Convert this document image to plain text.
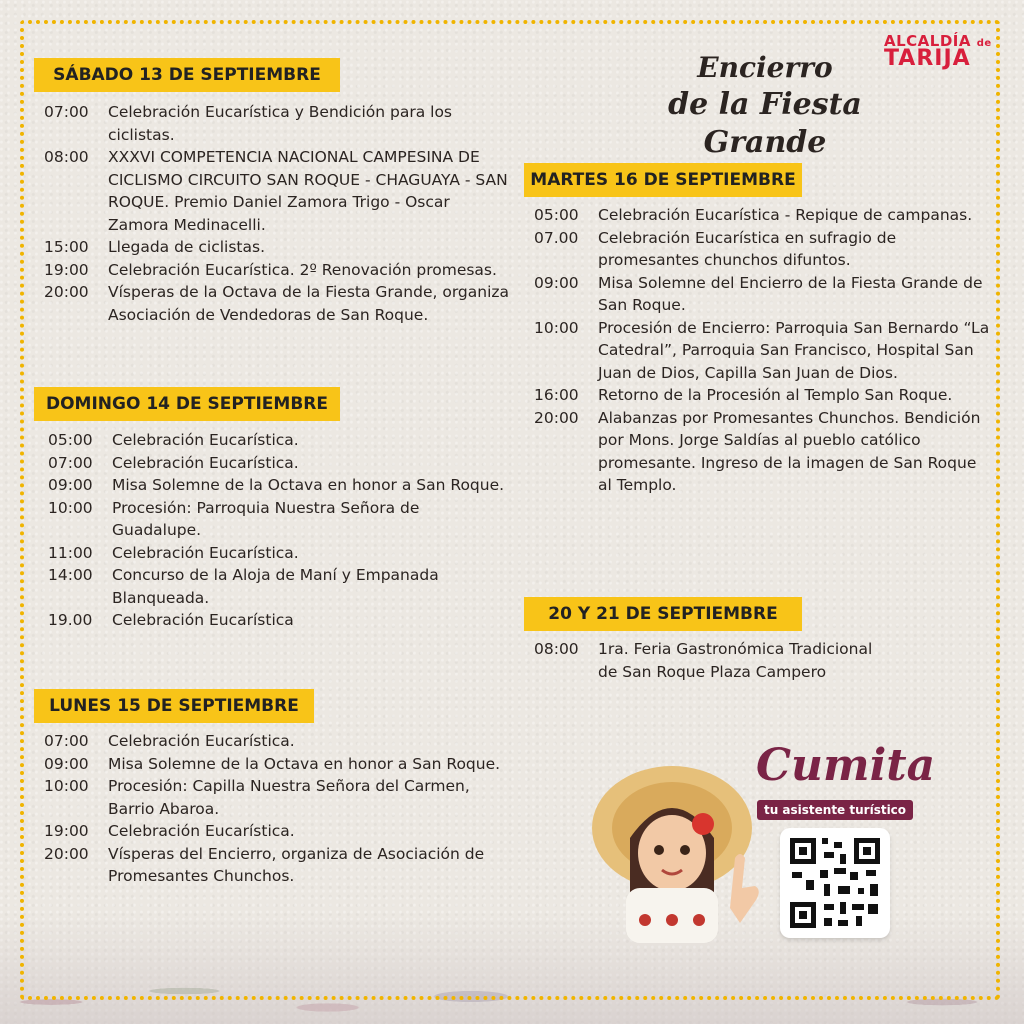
ALCALDÍA de
TARIJA
Encierro
de la Fiesta Grande
SÁBADO 13 DE SEPTIEMBRE
07:00	Celebración Eucarística y Bendición para los ciclistas.
08:00	XXXVI COMPETENCIA NACIONAL CAMPESINA DE CICLISMO CIRCUITO SAN ROQUE - CHAGUAYA - SAN ROQUE. Premio Daniel Zamora Trigo - Oscar Zamora Medinacelli.
15:00	Llegada de ciclistas.
19:00	Celebración Eucarística. 2º Renovación promesas.
20:00	Vísperas de la Octava de la Fiesta Grande, organiza Asociación de Vendedoras de San Roque.
DOMINGO 14 DE SEPTIEMBRE
05:00	Celebración Eucarística.
07:00	Celebración Eucarística.
09:00	Misa Solemne de la Octava en honor a San Roque.
10:00	Procesión: Parroquia Nuestra Señora de Guadalupe.
11:00	Celebración Eucarística.
14:00	Concurso de la Aloja de Maní y Empanada Blanqueada.
19.00	Celebración Eucarística
LUNES 15 DE SEPTIEMBRE
07:00	Celebración Eucarística.
09:00	Misa Solemne de la Octava en honor a San Roque.
10:00	Procesión: Capilla Nuestra Señora del Carmen, Barrio Abaroa.
19:00	Celebración Eucarística.
20:00	Vísperas del Encierro, organiza de Asociación de Promesantes Chunchos.
MARTES 16 DE SEPTIEMBRE
05:00	Celebración Eucarística - Repique de campanas.
07.00	Celebración Eucarística en sufragio de promesantes chunchos difuntos.
09:00	Misa Solemne del Encierro de la Fiesta Grande de San Roque.
10:00	Procesión de Encierro: Parroquia San Bernardo “La Catedral”, Parroquia San Francisco, Hospital San Juan de Dios, Capilla San Juan de Dios.
16:00	Retorno de la Procesión al Templo San Roque.
20:00	Alabanzas por Promesantes Chunchos. Bendición por Mons. Jorge Saldías al pueblo católico promesante. Ingreso de la imagen de San Roque al Templo.
20 Y 21 DE SEPTIEMBRE
08:00	1ra. Feria Gastronómica Tradicional de San Roque Plaza Campero
Cumita
tu asistente turístico
